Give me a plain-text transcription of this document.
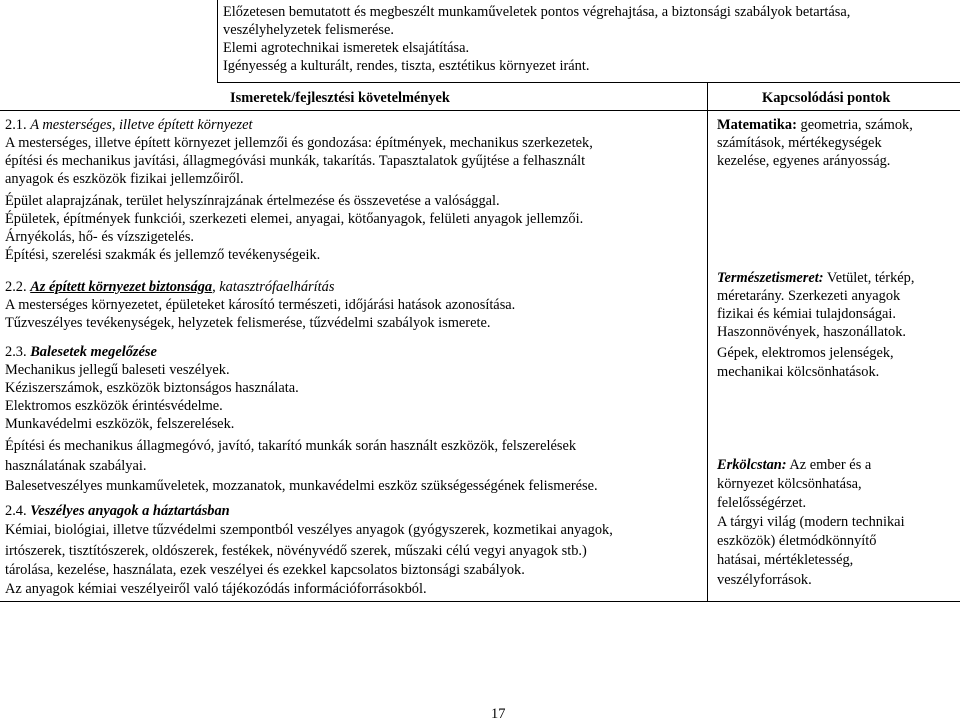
Előzetesen bemutatott és megbeszélt munkaműveletek pontos végrehajtása, a biztonsági szabályok betartása,
veszélyhelyzetek felismerése.
Elemi agrotechnikai ismeretek elsajátítása.
Igényesség a kulturált, rendes, tiszta, esztétikus környezet iránt.
Ismeretek/fejlesztési követelmények	Kapcsolódási pontok
2.1. A mesterséges, illetve épített környezet
A mesterséges, illetve épített környezet jellemzői és gondozása: építmények, mechanikus szerkezetek,
építési és mechanikus javítási, állagmegóvási munkák, takarítás. Tapasztalatok gyűjtése a felhasznált
anyagok és eszközök fizikai jellemzőiről.
Épület alaprajzának, terület helyszínrajzának értelmezése és összevetése a valósággal.
Épületek, építmények funkciói, szerkezeti elemei, anyagai, kötőanyagok, felületi anyagok jellemzői.
Árnyékolás, hő- és vízszigetelés.
Építési, szerelési szakmák és jellemző tevékenységeik.
2.2. Az épített környezet biztonsága, katasztrófaelhárítás
A mesterséges környezetet, épületeket károsító természeti, időjárási hatások azonosítása.
Tűzveszélyes tevékenységek, helyzetek felismerése, tűzvédelmi szabályok ismerete.
2.3. Balesetek megelőzése
Mechanikus jellegű baleseti veszélyek.
Kéziszerszámok, eszközök biztonságos használata.
Elektromos eszközök érintésvédelme.
Munkavédelmi eszközök, felszerelések.
Építési és mechanikus állagmegóvó, javító, takarító munkák során használt eszközök, felszerelések
használatának szabályai.
Balesetveszélyes munkaműveletek, mozzanatok, munkavédelmi eszköz szükségességének felismerése.
2.4. Veszélyes anyagok a háztartásban
Kémiai, biológiai, illetve tűzvédelmi szempontból veszélyes anyagok (gyógyszerek, kozmetikai anyagok,
irtószerek, tisztítószerek, oldószerek, festékek, növényvédő szerek, műszaki célú vegyi anyagok stb.)
tárolása, kezelése, használata, ezek veszélyei és ezekkel kapcsolatos biztonsági szabályok.
Az anyagok kémiai veszélyeiről való tájékozódás információforrásokból.
Matematika: geometria, számok,
számítások, mértékegységek
kezelése, egyenes arányosság.
Természetismeret: Vetület, térkép,
méretarány. Szerkezeti anyagok
fizikai és kémiai tulajdonságai.
Haszonnövények, haszonállatok.
Gépek, elektromos jelenségek,
mechanikai kölcsönhatások.
Erkölcstan: Az ember és a
környezet kölcsönhatása,
felelősségérzet.
A tárgyi világ (modern technikai
eszközök) életmódkönnyítő
hatásai, mértékletesség,
veszélyforrások.
17
